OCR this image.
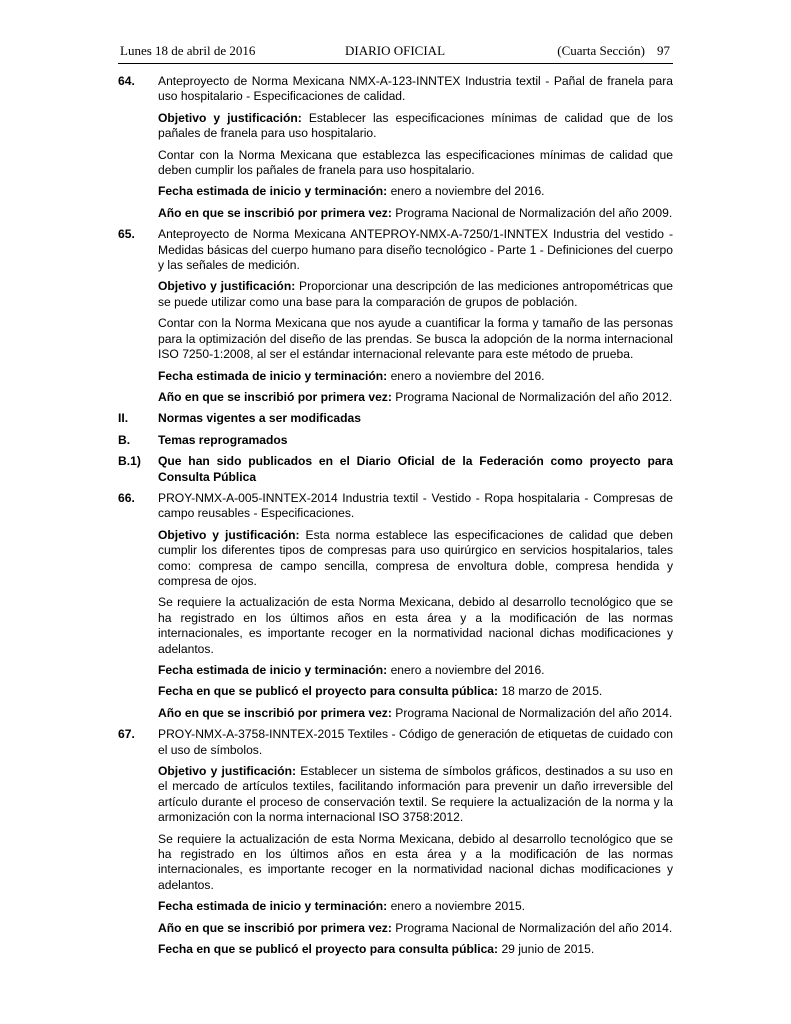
Lunes 18 de abril de 2016	DIARIO OFICIAL	(Cuarta Sección) 97
64. Anteproyecto de Norma Mexicana NMX-A-123-INNTEX Industria textil - Pañal de franela para uso hospitalario - Especificaciones de calidad.
Objetivo y justificación: Establecer las especificaciones mínimas de calidad que de los pañales de franela para uso hospitalario.
Contar con la Norma Mexicana que establezca las especificaciones mínimas de calidad que deben cumplir los pañales de franela para uso hospitalario.
Fecha estimada de inicio y terminación: enero a noviembre del 2016.
Año en que se inscribió por primera vez: Programa Nacional de Normalización del año 2009.
65. Anteproyecto de Norma Mexicana ANTEPROY-NMX-A-7250/1-INNTEX Industria del vestido - Medidas básicas del cuerpo humano para diseño tecnológico - Parte 1 - Definiciones del cuerpo y las señales de medición.
Objetivo y justificación: Proporcionar una descripción de las mediciones antropométricas que se puede utilizar como una base para la comparación de grupos de población.
Contar con la Norma Mexicana que nos ayude a cuantificar la forma y tamaño de las personas para la optimización del diseño de las prendas. Se busca la adopción de la norma internacional ISO 7250-1:2008, al ser el estándar internacional relevante para este método de prueba.
Fecha estimada de inicio y terminación: enero a noviembre del 2016.
Año en que se inscribió por primera vez: Programa Nacional de Normalización del año 2012.
II. Normas vigentes a ser modificadas
B. Temas reprogramados
B.1) Que han sido publicados en el Diario Oficial de la Federación como proyecto para Consulta Pública
66. PROY-NMX-A-005-INNTEX-2014 Industria textil - Vestido - Ropa hospitalaria - Compresas de campo reusables - Especificaciones.
Objetivo y justificación: Esta norma establece las especificaciones de calidad que deben cumplir los diferentes tipos de compresas para uso quirúrgico en servicios hospitalarios, tales como: compresa de campo sencilla, compresa de envoltura doble, compresa hendida y compresa de ojos.
Se requiere la actualización de esta Norma Mexicana, debido al desarrollo tecnológico que se ha registrado en los últimos años en esta área y a la modificación de las normas internacionales, es importante recoger en la normatividad nacional dichas modificaciones y adelantos.
Fecha estimada de inicio y terminación: enero a noviembre del 2016.
Fecha en que se publicó el proyecto para consulta pública: 18 marzo de 2015.
Año en que se inscribió por primera vez: Programa Nacional de Normalización del año 2014.
67. PROY-NMX-A-3758-INNTEX-2015 Textiles - Código de generación de etiquetas de cuidado con el uso de símbolos.
Objetivo y justificación: Establecer un sistema de símbolos gráficos, destinados a su uso en el mercado de artículos textiles, facilitando información para prevenir un daño irreversible del artículo durante el proceso de conservación textil. Se requiere la actualización de la norma y la armonización con la norma internacional ISO 3758:2012.
Se requiere la actualización de esta Norma Mexicana, debido al desarrollo tecnológico que se ha registrado en los últimos años en esta área y a la modificación de las normas internacionales, es importante recoger en la normatividad nacional dichas modificaciones y adelantos.
Fecha estimada de inicio y terminación: enero a noviembre 2015.
Año en que se inscribió por primera vez: Programa Nacional de Normalización del año 2014.
Fecha en que se publicó el proyecto para consulta pública: 29 junio de 2015.
